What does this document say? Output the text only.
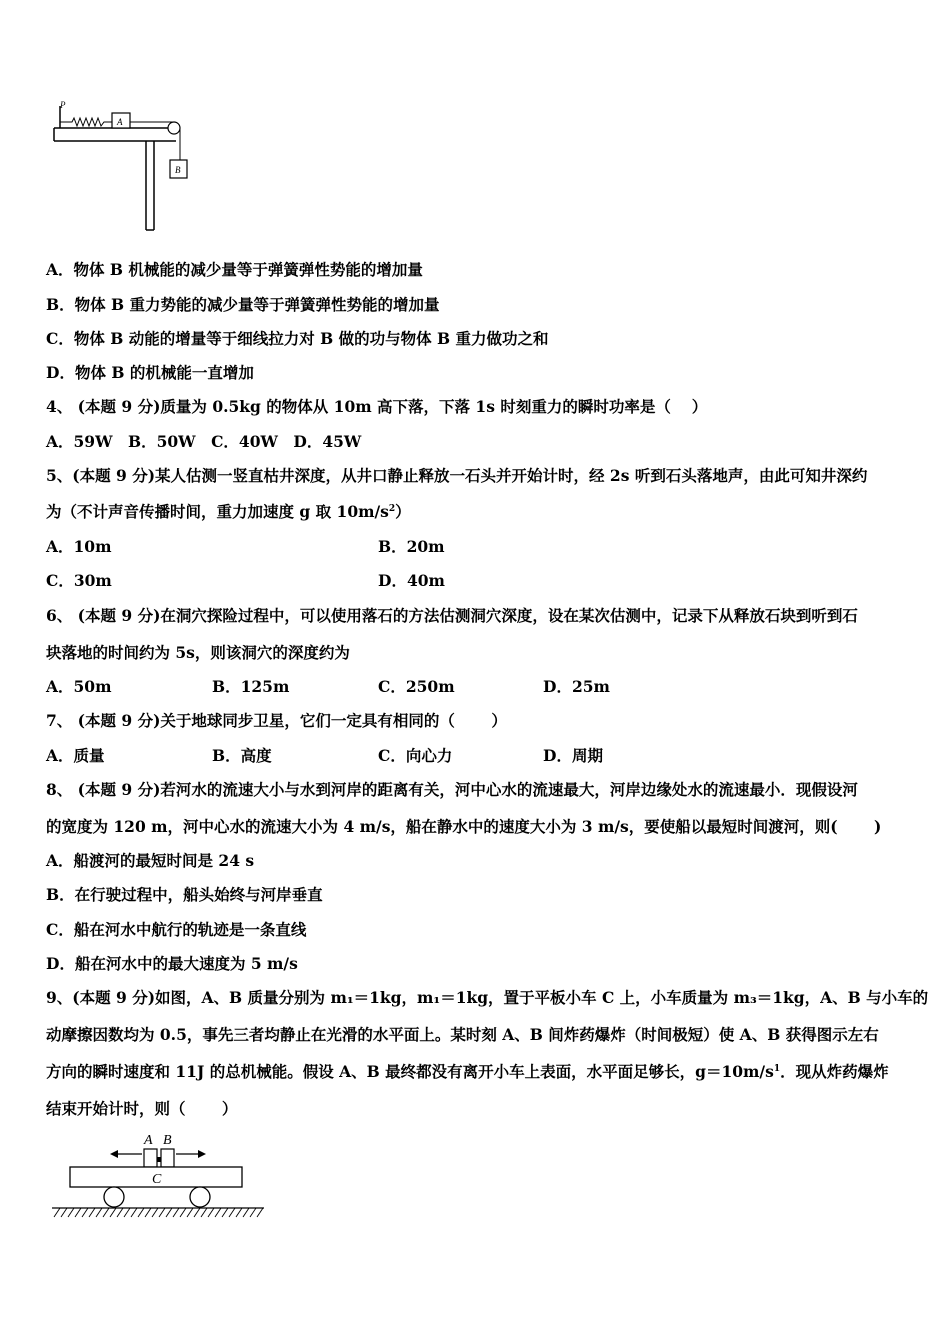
P
A
B
A．物体 B 机械能的减少量等于弹簧弹性势能的增加量
B．物体 B 重力势能的减少量等于弹簧弹性势能的增加量
C．物体 B 动能的增量等于细线拉力对 B 做的功与物体 B 重力做功之和
D．物体 B 的机械能一直增加
4、 (本题 9 分)质量为 0.5kg 的物体从 10m 高下落，下落 1s 时刻重力的瞬时功率是（　 ）
A．59W　B．50W　C．40W　D．45W
5、(本题 9 分)某人估测一竖直枯井深度，从井口静止释放一石头并开始计时，经 2s 听到石头落地声，由此可知井深约
为（不计声音传播时间，重力加速度 g 取 $10m/s^2$）
A．10m	B．20m
C．30m	D．40m
6、 (本题 9 分)在洞穴探险过程中，可以使用落石的方法估测洞穴深度，设在某次估测中，记录下从释放石块到听到石
块落地的时间约为 5s，则该洞穴的深度约为
A．50m	B．125m	C．250m	D．25m
7、 (本题 9 分)关于地球同步卫星，它们一定具有相同的（　　 ）
A．质量	B．高度	C．向心力	D．周期
8、 (本题 9 分)若河水的流速大小与水到河岸的距离有关，河中心水的流速最大，河岸边缘处水的流速最小．现假设河
的宽度为 120 m，河中心水的流速大小为 4 m/s，船在静水中的速度大小为 3 m/s，要使船以最短时间渡河，则(　　 )
A．船渡河的最短时间是 24 s
B．在行驶过程中，船头始终与河岸垂直
C．船在河水中航行的轨迹是一条直线
D．船在河水中的最大速度为 5 m/s
9、(本题 9 分)如图，A、B 质量分别为 m₁＝1kg，m₁＝1kg，置于平板小车 C 上，小车质量为 m₃＝1kg，A、B 与小车的
动摩擦因数均为 0.5，事先三者均静止在光滑的水平面上。某时刻 A、B 间炸药爆炸（时间极短）使 A、B 获得图示左右
方向的瞬时速度和 11J 的总机械能。假设 A、B 最终都没有离开小车上表面，水平面足够长，$g=10m/s^1$．现从炸药爆炸
结束开始计时，则（　　 ）
A B
C
